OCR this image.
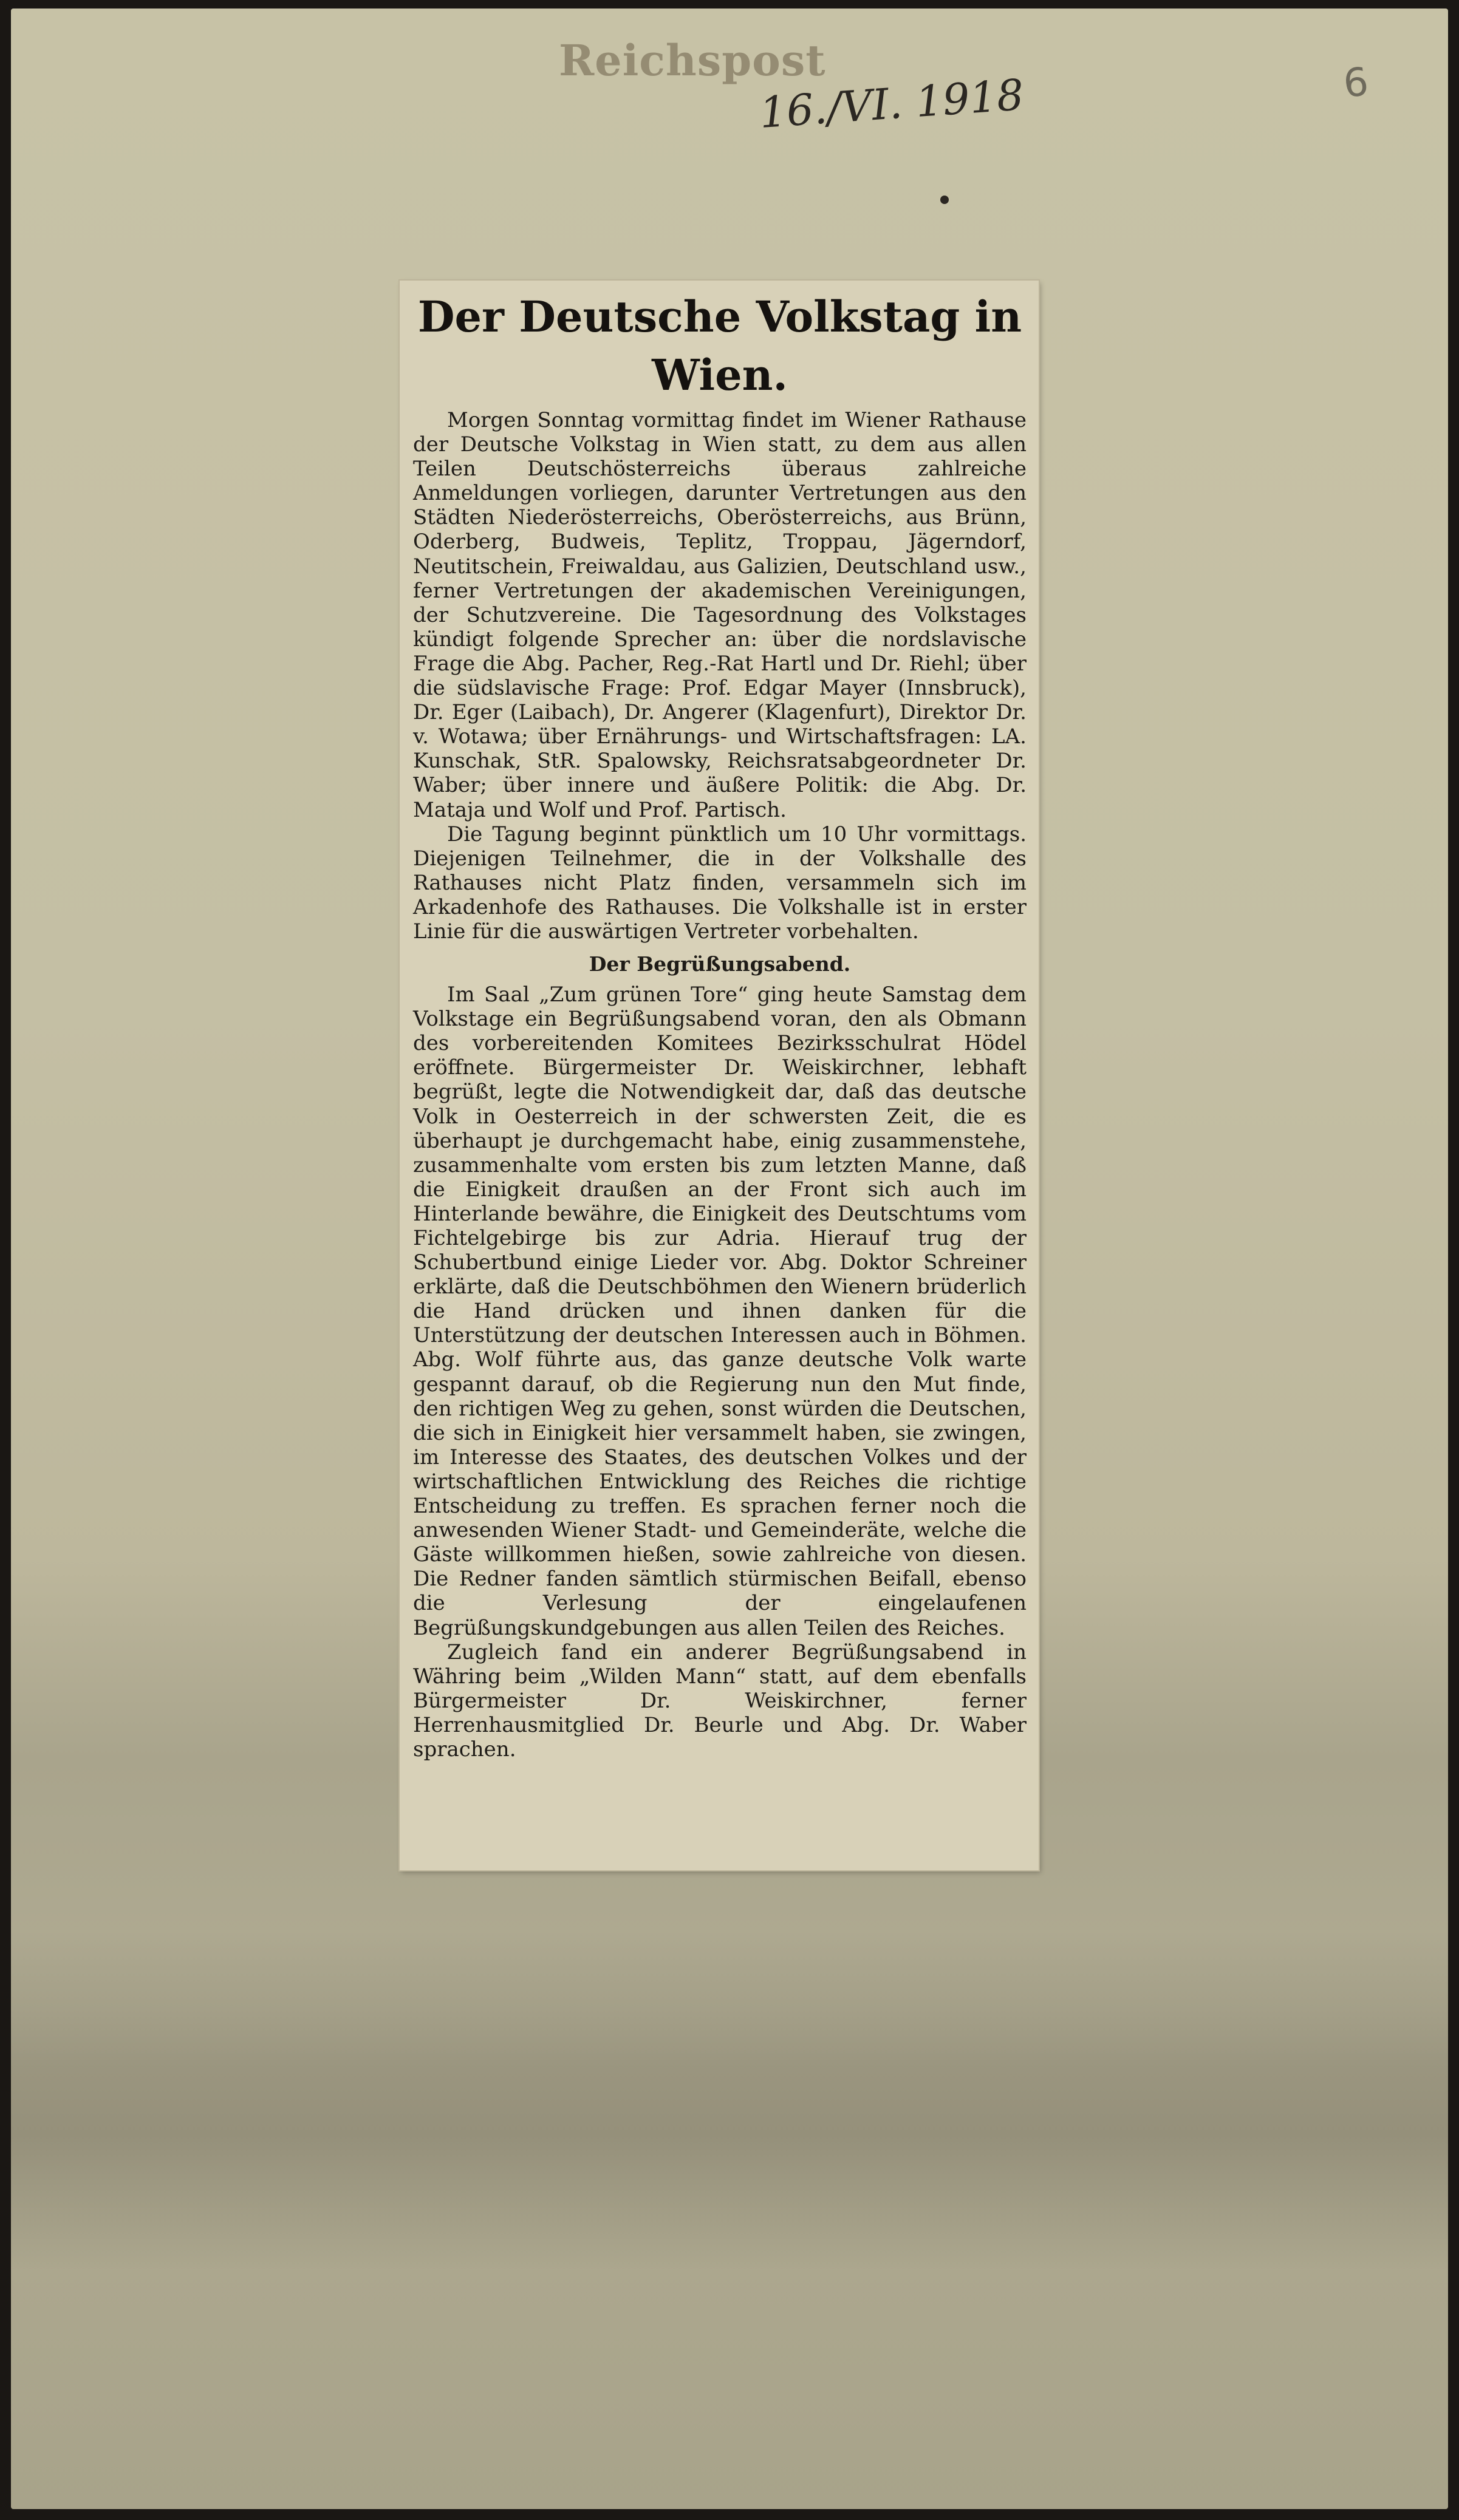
Reichspost
16./VI. 1918	6
Der Deutsche Volkstag in Wien.

Morgen Sonntag vormittag findet im Wiener Rathause der Deutsche Volkstag in Wien statt, zu dem aus allen Teilen Deutschösterreichs überaus zahlreiche Anmeldungen vorliegen, darunter Vertretungen aus den Städten Niederösterreichs, Oberösterreichs, aus Brünn, Oderberg, Budweis, Teplitz, Troppau, Jägerndorf, Neutitschein, Freiwaldau, aus Galizien, Deutschland usw., ferner Vertretungen der akademischen Vereinigungen, der Schutzvereine. Die Tagesordnung des Volkstages kündigt folgende Sprecher an: über die nordslavische Frage die Abg. Pacher, Reg.-Rat Hartl und Dr. Riehl; über die südslavische Frage: Prof. Edgar Mayer (Innsbruck), Dr. Eger (Laibach), Dr. Angerer (Klagenfurt), Direktor Dr. v. Wotawa; über Ernährungs- und Wirtschaftsfragen: LA. Kunschak, StR. Spalowsky, Reichsratsabgeordneter Dr. Waber; über innere und äußere Politik: die Abg. Dr. Mataja und Wolf und Prof. Partisch.

Die Tagung beginnt pünktlich um 10 Uhr vormittags. Diejenigen Teilnehmer, die in der Volkshalle des Rathauses nicht Platz finden, versammeln sich im Arkadenhofe des Rathauses. Die Volkshalle ist in erster Linie für die auswärtigen Vertreter vorbehalten.

Der Begrüßungsabend.

Im Saal „Zum grünen Tore“ ging heute Samstag dem Volkstage ein Begrüßungsabend voran, den als Obmann des vorbereitenden Komitees Bezirksschulrat Hödel eröffnete. Bürgermeister Dr. Weiskirchner, lebhaft begrüßt, legte die Notwendigkeit dar, daß das deutsche Volk in Oesterreich in der schwersten Zeit, die es überhaupt je durchgemacht habe, einig zusammenstehe, zusammenhalte vom ersten bis zum letzten Manne, daß die Einigkeit draußen an der Front sich auch im Hinterlande bewähre, die Einigkeit des Deutschtums vom Fichtelgebirge bis zur Adria. Hierauf trug der Schubertbund einige Lieder vor. Abg. Doktor Schreiner erklärte, daß die Deutschböhmen den Wienern brüderlich die Hand drücken und ihnen danken für die Unterstützung der deutschen Interessen auch in Böhmen. Abg. Wolf führte aus, das ganze deutsche Volk warte gespannt darauf, ob die Regierung nun den Mut finde, den richtigen Weg zu gehen, sonst würden die Deutschen, die sich in Einigkeit hier versammelt haben, sie zwingen, im Interesse des Staates, des deutschen Volkes und der wirtschaftlichen Entwicklung des Reiches die richtige Entscheidung zu treffen. Es sprachen ferner noch die anwesenden Wiener Stadt- und Gemeinderäte, welche die Gäste willkommen hießen, sowie zahlreiche von diesen. Die Redner fanden sämtlich stürmischen Beifall, ebenso die Verlesung der eingelaufenen Begrüßungskundgebungen aus allen Teilen des Reiches.

Zugleich fand ein anderer Begrüßungsabend in Währing beim „Wilden Mann“ statt, auf dem ebenfalls Bürgermeister Dr. Weiskirchner, ferner Herrenhausmitglied Dr. Beurle und Abg. Dr. Waber sprachen.
